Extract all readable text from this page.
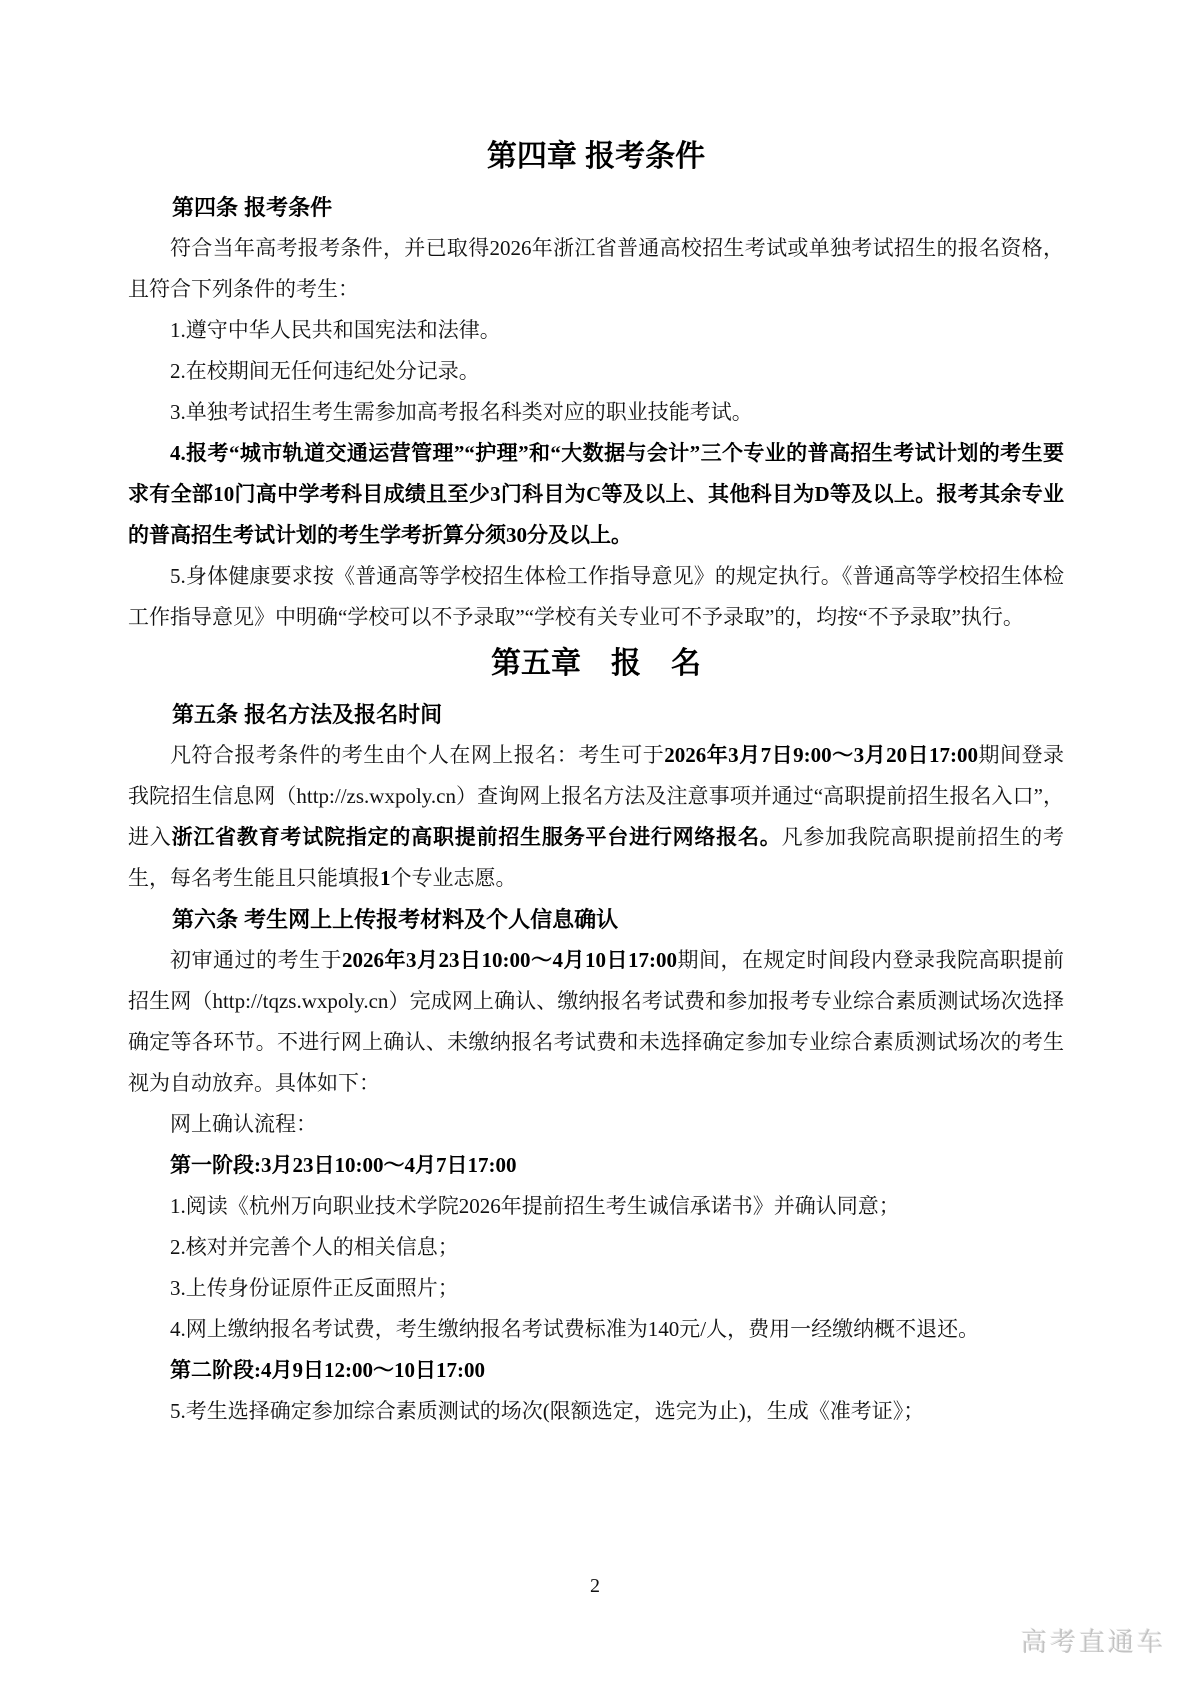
第四章 报考条件
第四条 报考条件
符合当年高考报考条件，并已取得2026年浙江省普通高校招生考试或单独考试招生的报名资格，且符合下列条件的考生：
1.遵守中华人民共和国宪法和法律。
2.在校期间无任何违纪处分记录。
3.单独考试招生考生需参加高考报名科类对应的职业技能考试。
4.报考“城市轨道交通运营管理”“护理”和“大数据与会计”三个专业的普高招生考试计划的考生要求有全部10门高中学考科目成绩且至少3门科目为C等及以上、其他科目为D等及以上。报考其余专业的普高招生考试计划的考生学考折算分须30分及以上。
5.身体健康要求按《普通高等学校招生体检工作指导意见》的规定执行。《普通高等学校招生体检工作指导意见》中明确“学校可以不予录取”“学校有关专业可不予录取”的，均按“不予录取”执行。
第五章　报　名
第五条 报名方法及报名时间
凡符合报考条件的考生由个人在网上报名：考生可于2026年3月7日9:00～3月20日17:00期间登录我院招生信息网（http://zs.wxpoly.cn）查询网上报名方法及注意事项并通过“高职提前招生报名入口”，进入浙江省教育考试院指定的高职提前招生服务平台进行网络报名。凡参加我院高职提前招生的考生，每名考生能且只能填报1个专业志愿。
第六条 考生网上上传报考材料及个人信息确认
初审通过的考生于2026年3月23日10:00～4月10日17:00期间，在规定时间段内登录我院高职提前招生网（http://tqzs.wxpoly.cn）完成网上确认、缴纳报名考试费和参加报考专业综合素质测试场次选择确定等各环节。不进行网上确认、未缴纳报名考试费和未选择确定参加专业综合素质测试场次的考生视为自动放弃。具体如下：
网上确认流程：
第一阶段:3月23日10:00～4月7日17:00
1.阅读《杭州万向职业技术学院2026年提前招生考生诚信承诺书》并确认同意；
2.核对并完善个人的相关信息；
3.上传身份证原件正反面照片；
4.网上缴纳报名考试费，考生缴纳报名考试费标准为140元/人，费用一经缴纳概不退还。
第二阶段:4月9日12:00～10日17:00
5.考生选择确定参加综合素质测试的场次(限额选定，选完为止)，生成《准考证》；
2
高考直通车
